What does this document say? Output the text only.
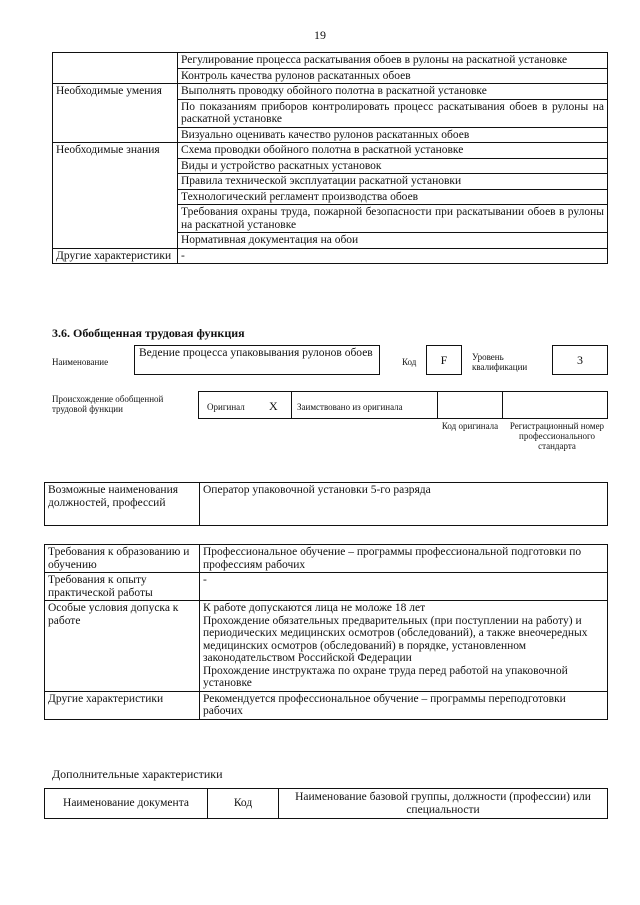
19
	Регулирование процесса раскатывания обоев в рулоны на раскатной установке
	Контроль качества рулонов раскатанных обоев
Необходимые умения	Выполнять проводку обойного полотна в раскатной установке
	По показаниям приборов контролировать процесс раскатывания обоев в рулоны на раскатной установке
	Визуально оценивать качество рулонов раскатанных обоев
Необходимые знания	Схема проводки обойного полотна в раскатной установке
	Виды и устройство раскатных установок
	Правила технической эксплуатации раскатной установки
	Технологический регламент производства обоев
	Требования охраны труда, пожарной безопасности при раскатывании обоев в рулоны на раскатной установке
	Нормативная документация на обои
Другие характеристики	-
3.6. Обобщенная трудовая функция
Наименование
Ведение процесса упаковывания рулонов обоев
Код	F	Уровень квалификации	3
Происхождение обобщенной трудовой функции	Оригинал X Заимствовано из оригинала
Код оригинала	Регистрационный номер профессионального стандарта
Возможные наименования должностей, профессий	Оператор упаковочной установки 5-го разряда
Требования к образованию и обучению	Профессиональное обучение – программы профессиональной подготовки по профессиям рабочих
Требования к опыту практической работы	-
Особые условия допуска к работе	К работе допускаются лица не моложе 18 лет
Прохождение обязательных предварительных (при поступлении на работу) и периодических медицинских осмотров (обследований), а также внеочередных медицинских осмотров (обследований) в порядке, установленном законодательством Российской Федерации
Прохождение инструктажа по охране труда перед работой на упаковочной установке

Другие характеристики	Рекомендуется профессиональное обучение – программы переподготовки рабочих
Дополнительные характеристики
Наименование документа	Код	Наименование базовой группы, должности (профессии) или специальности
